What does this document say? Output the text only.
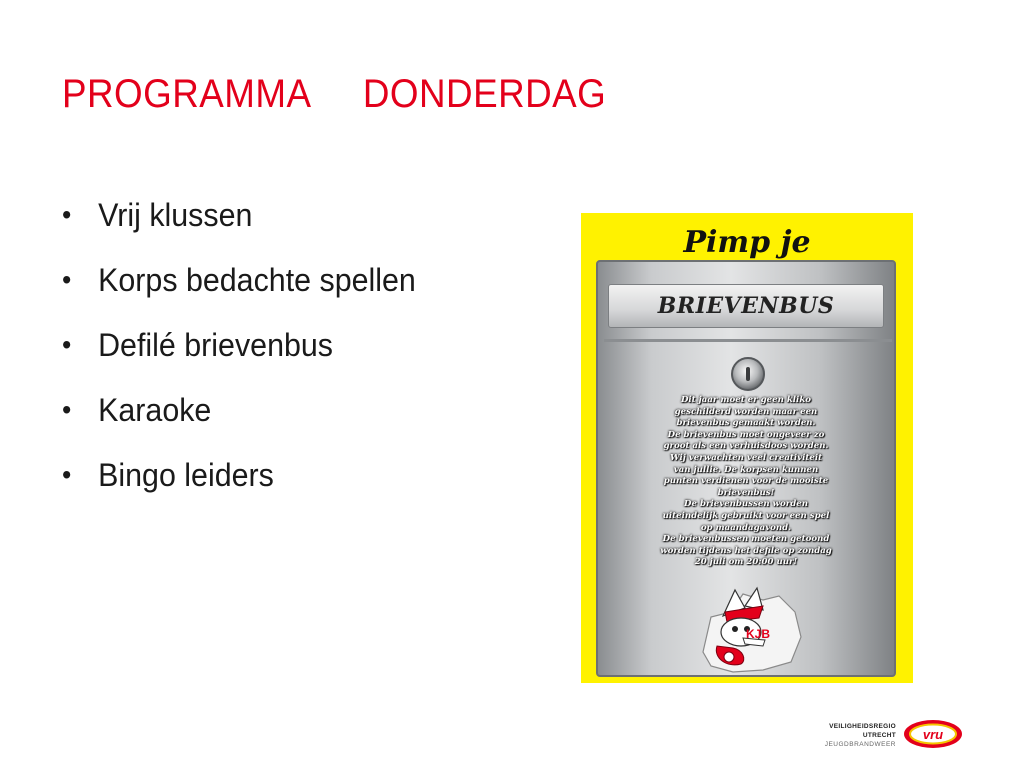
PROGRAMMA     DONDERDAG
• Vrij klussen
• Korps bedachte spellen
• Defilé brievenbus
• Karaoke
• Bingo leiders
Pimp je
BRIEVENBUS
Dit jaar moet er geen kliko
geschilderd worden maar een
brievenbus gemaakt worden.
De brievenbus moet ongeveer zo
groot als een verhuisdoos worden.
Wij verwachten veel creativiteit
van jullie. De korpsen kunnen
punten verdienen voor de mooiste
brievenbus!
De brievenbussen worden
uiteindelijk gebruikt voor een spel
op maandagavond.
De brievenbussen moeten getoond
worden tijdens het defile op zondag
20 juli om 20:00 uur!
KJB
VEILIGHEIDSREGIO UTRECHT
JEUGDBRANDWEER
vru
